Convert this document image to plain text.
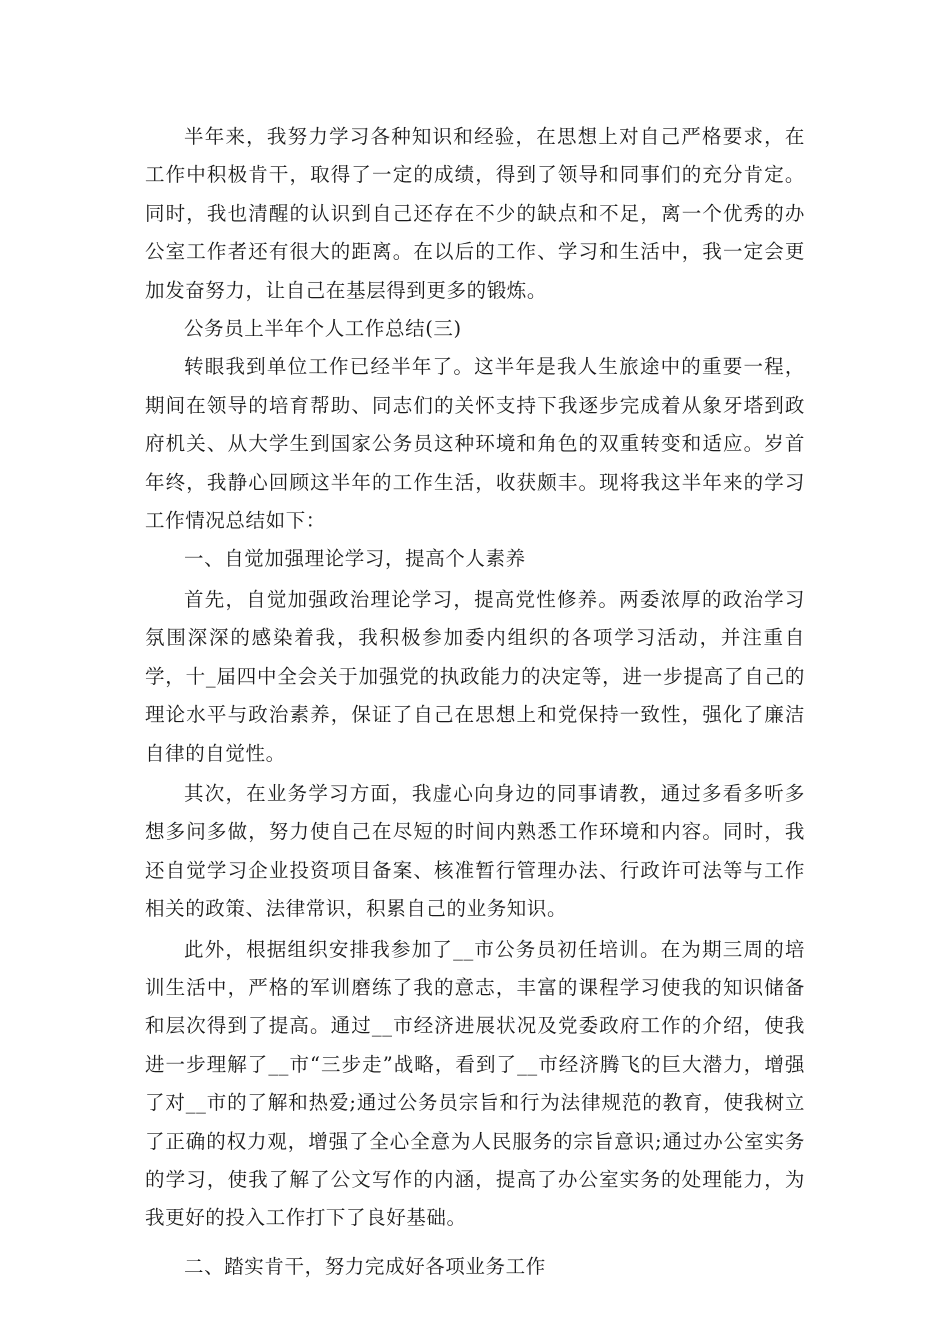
半年来，我努力学习各种知识和经验，在思想上对自己严格要求，在工作中积极肯干，取得了一定的成绩，得到了领导和同事们的充分肯定。同时，我也清醒的认识到自己还存在不少的缺点和不足，离一个优秀的办公室工作者还有很大的距离。在以后的工作、学习和生活中，我一定会更加发奋努力，让自己在基层得到更多的锻炼。

公务员上半年个人工作总结(三)

转眼我到单位工作已经半年了。这半年是我人生旅途中的重要一程，期间在领导的培育帮助、同志们的关怀支持下我逐步完成着从象牙塔到政府机关、从大学生到国家公务员这种环境和角色的双重转变和适应。岁首年终，我静心回顾这半年的工作生活，收获颇丰。现将我这半年来的学习工作情况总结如下：

一、自觉加强理论学习，提高个人素养

首先，自觉加强政治理论学习，提高党性修养。两委浓厚的政治学习氛围深深的感染着我，我积极参加委内组织的各项学习活动，并注重自学，十_届四中全会关于加强党的执政能力的决定等，进一步提高了自己的理论水平与政治素养，保证了自己在思想上和党保持一致性，强化了廉洁自律的自觉性。

其次，在业务学习方面，我虚心向身边的同事请教，通过多看多听多想多问多做，努力使自己在尽短的时间内熟悉工作环境和内容。同时，我还自觉学习企业投资项目备案、核准暂行管理办法、行政许可法等与工作相关的政策、法律常识，积累自己的业务知识。

此外，根据组织安排我参加了__市公务员初任培训。在为期三周的培训生活中，严格的军训磨练了我的意志，丰富的课程学习使我的知识储备和层次得到了提高。通过__市经济进展状况及党委政府工作的介绍，使我进一步理解了__市“三步走”战略，看到了__市经济腾飞的巨大潜力，增强了对__市的了解和热爱;通过公务员宗旨和行为法律规范的教育，使我树立了正确的权力观，增强了全心全意为人民服务的宗旨意识;通过办公室实务的学习，使我了解了公文写作的内涵，提高了办公室实务的处理能力，为我更好的投入工作打下了良好基础。

二、踏实肯干，努力完成好各项业务工作
